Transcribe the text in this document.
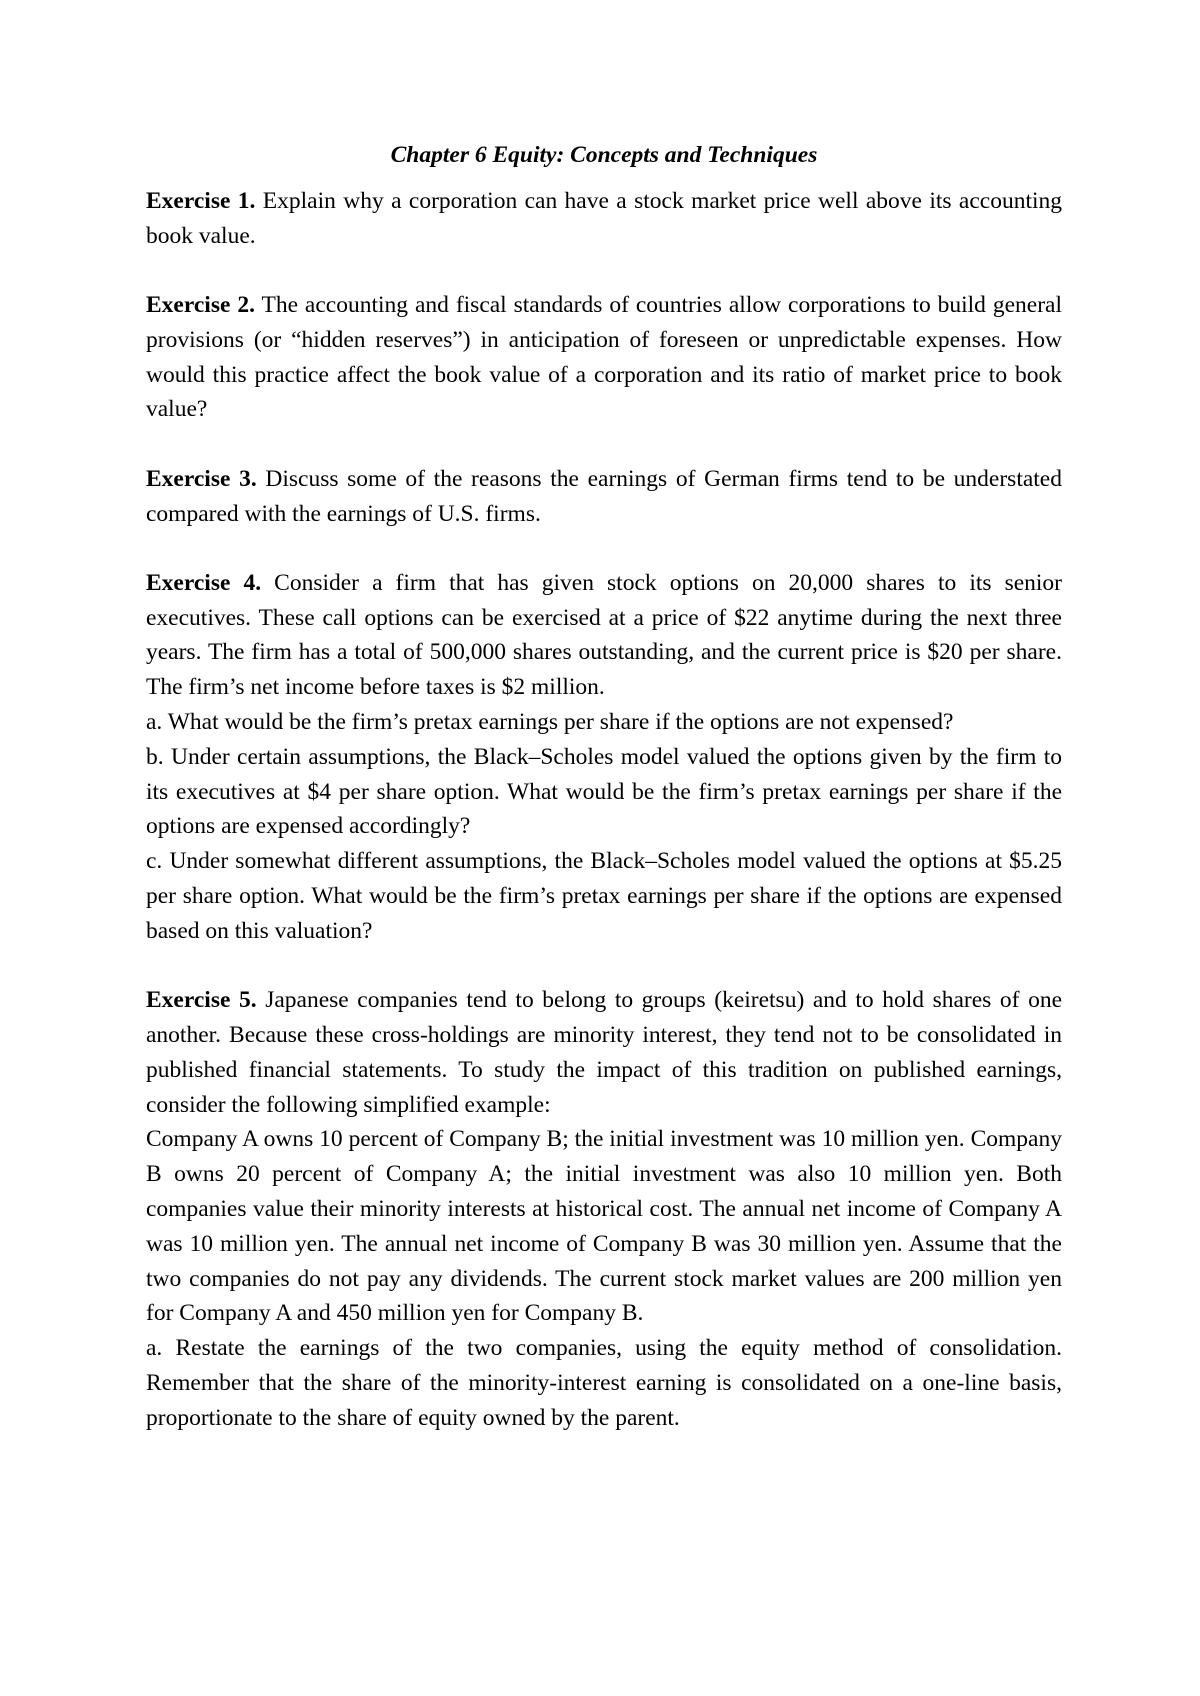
Chapter 6 Equity: Concepts and Techniques

Exercise 1. Explain why a corporation can have a stock market price well above its accounting book value.

Exercise 2. The accounting and fiscal standards of countries allow corporations to build general provisions (or “hidden reserves”) in anticipation of foreseen or unpredictable expenses. How would this practice affect the book value of a corporation and its ratio of market price to book value?

Exercise 3. Discuss some of the reasons the earnings of German firms tend to be understated compared with the earnings of U.S. firms.

Exercise 4. Consider a firm that has given stock options on 20,000 shares to its senior executives. These call options can be exercised at a price of $22 anytime during the next three years. The firm has a total of 500,000 shares outstanding, and the current price is $20 per share. The firm’s net income before taxes is $2 million.

a. What would be the firm’s pretax earnings per share if the options are not expensed?

b. Under certain assumptions, the Black–Scholes model valued the options given by the firm to its executives at $4 per share option. What would be the firm’s pretax earnings per share if the options are expensed accordingly?

c. Under somewhat different assumptions, the Black–Scholes model valued the options at $5.25 per share option. What would be the firm’s pretax earnings per share if the options are expensed based on this valuation?

Exercise 5. Japanese companies tend to belong to groups (keiretsu) and to hold shares of one another. Because these cross-holdings are minority interest, they tend not to be consolidated in published financial statements. To study the impact of this tradition on published earnings, consider the following simplified example:

Company A owns 10 percent of Company B; the initial investment was 10 million yen. Company B owns 20 percent of Company A; the initial investment was also 10 million yen. Both companies value their minority interests at historical cost. The annual net income of Company A was 10 million yen. The annual net income of Company B was 30 million yen. Assume that the two companies do not pay any dividends. The current stock market values are 200 million yen for Company A and 450 million yen for Company B.

a. Restate the earnings of the two companies, using the equity method of consolidation. Remember that the share of the minority-interest earning is consolidated on a one-line basis, proportionate to the share of equity owned by the parent.
